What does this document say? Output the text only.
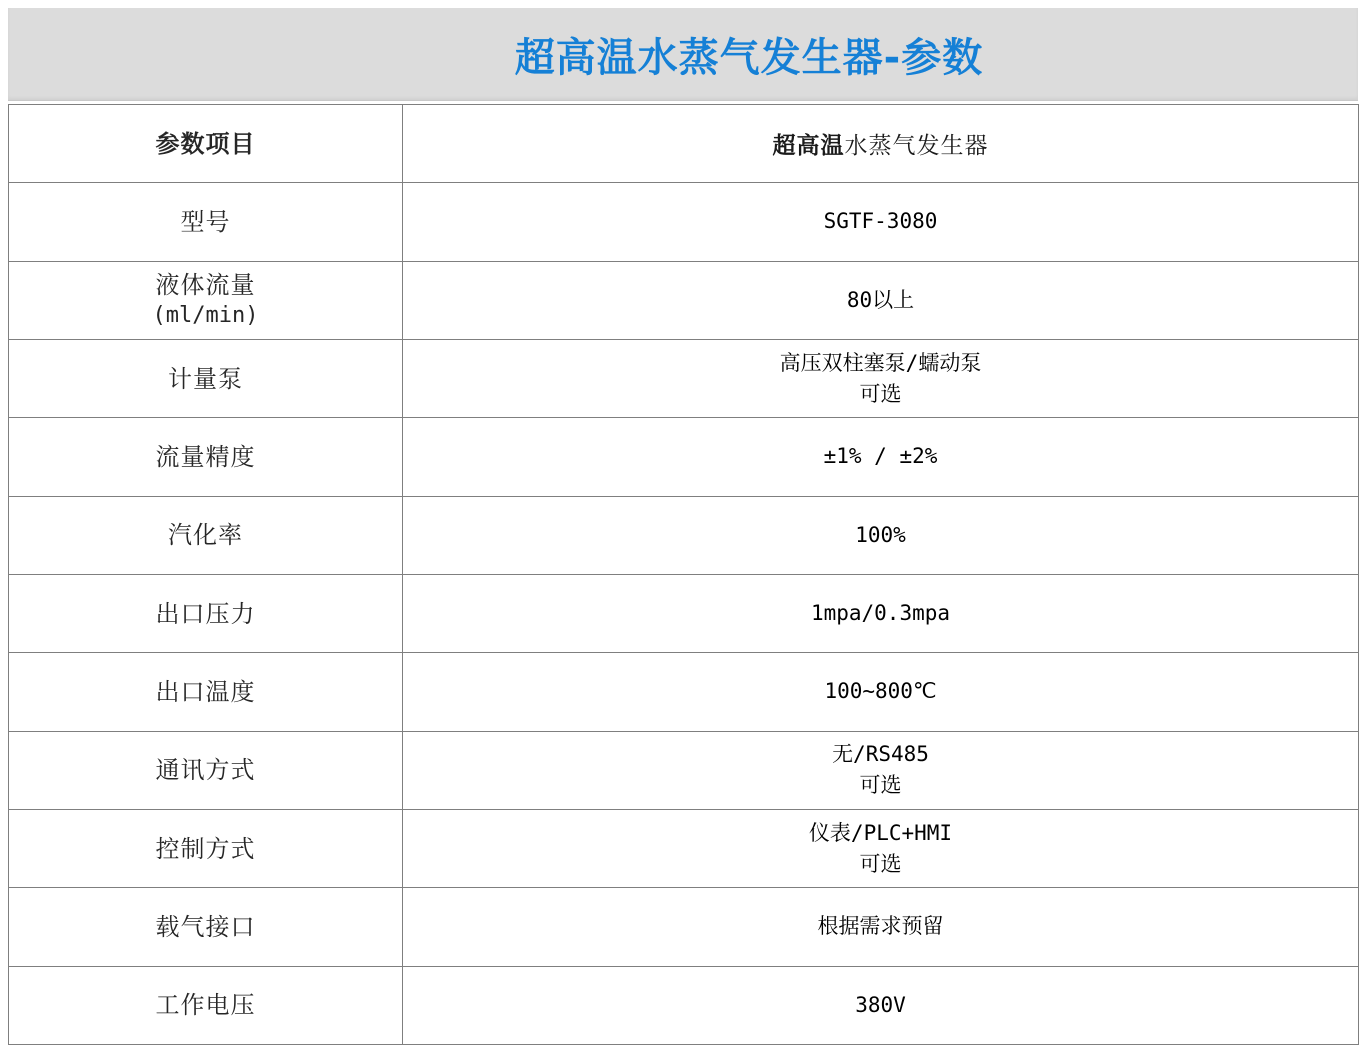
超高温水蒸气发生器-参数
参数项目	超高温水蒸气发生器

型号	SGTF-3080

液体流量
(ml/min)	80以上

计量泵	高压双柱塞泵/蠕动泵
可选

流量精度	±1% / ±2%

汽化率	100%

出口压力	1mpa/0.3mpa

出口温度	100~800℃

通讯方式	无/RS485
可选

控制方式	仪表/PLC+HMI
可选

载气接口	根据需求预留

工作电压	380V
